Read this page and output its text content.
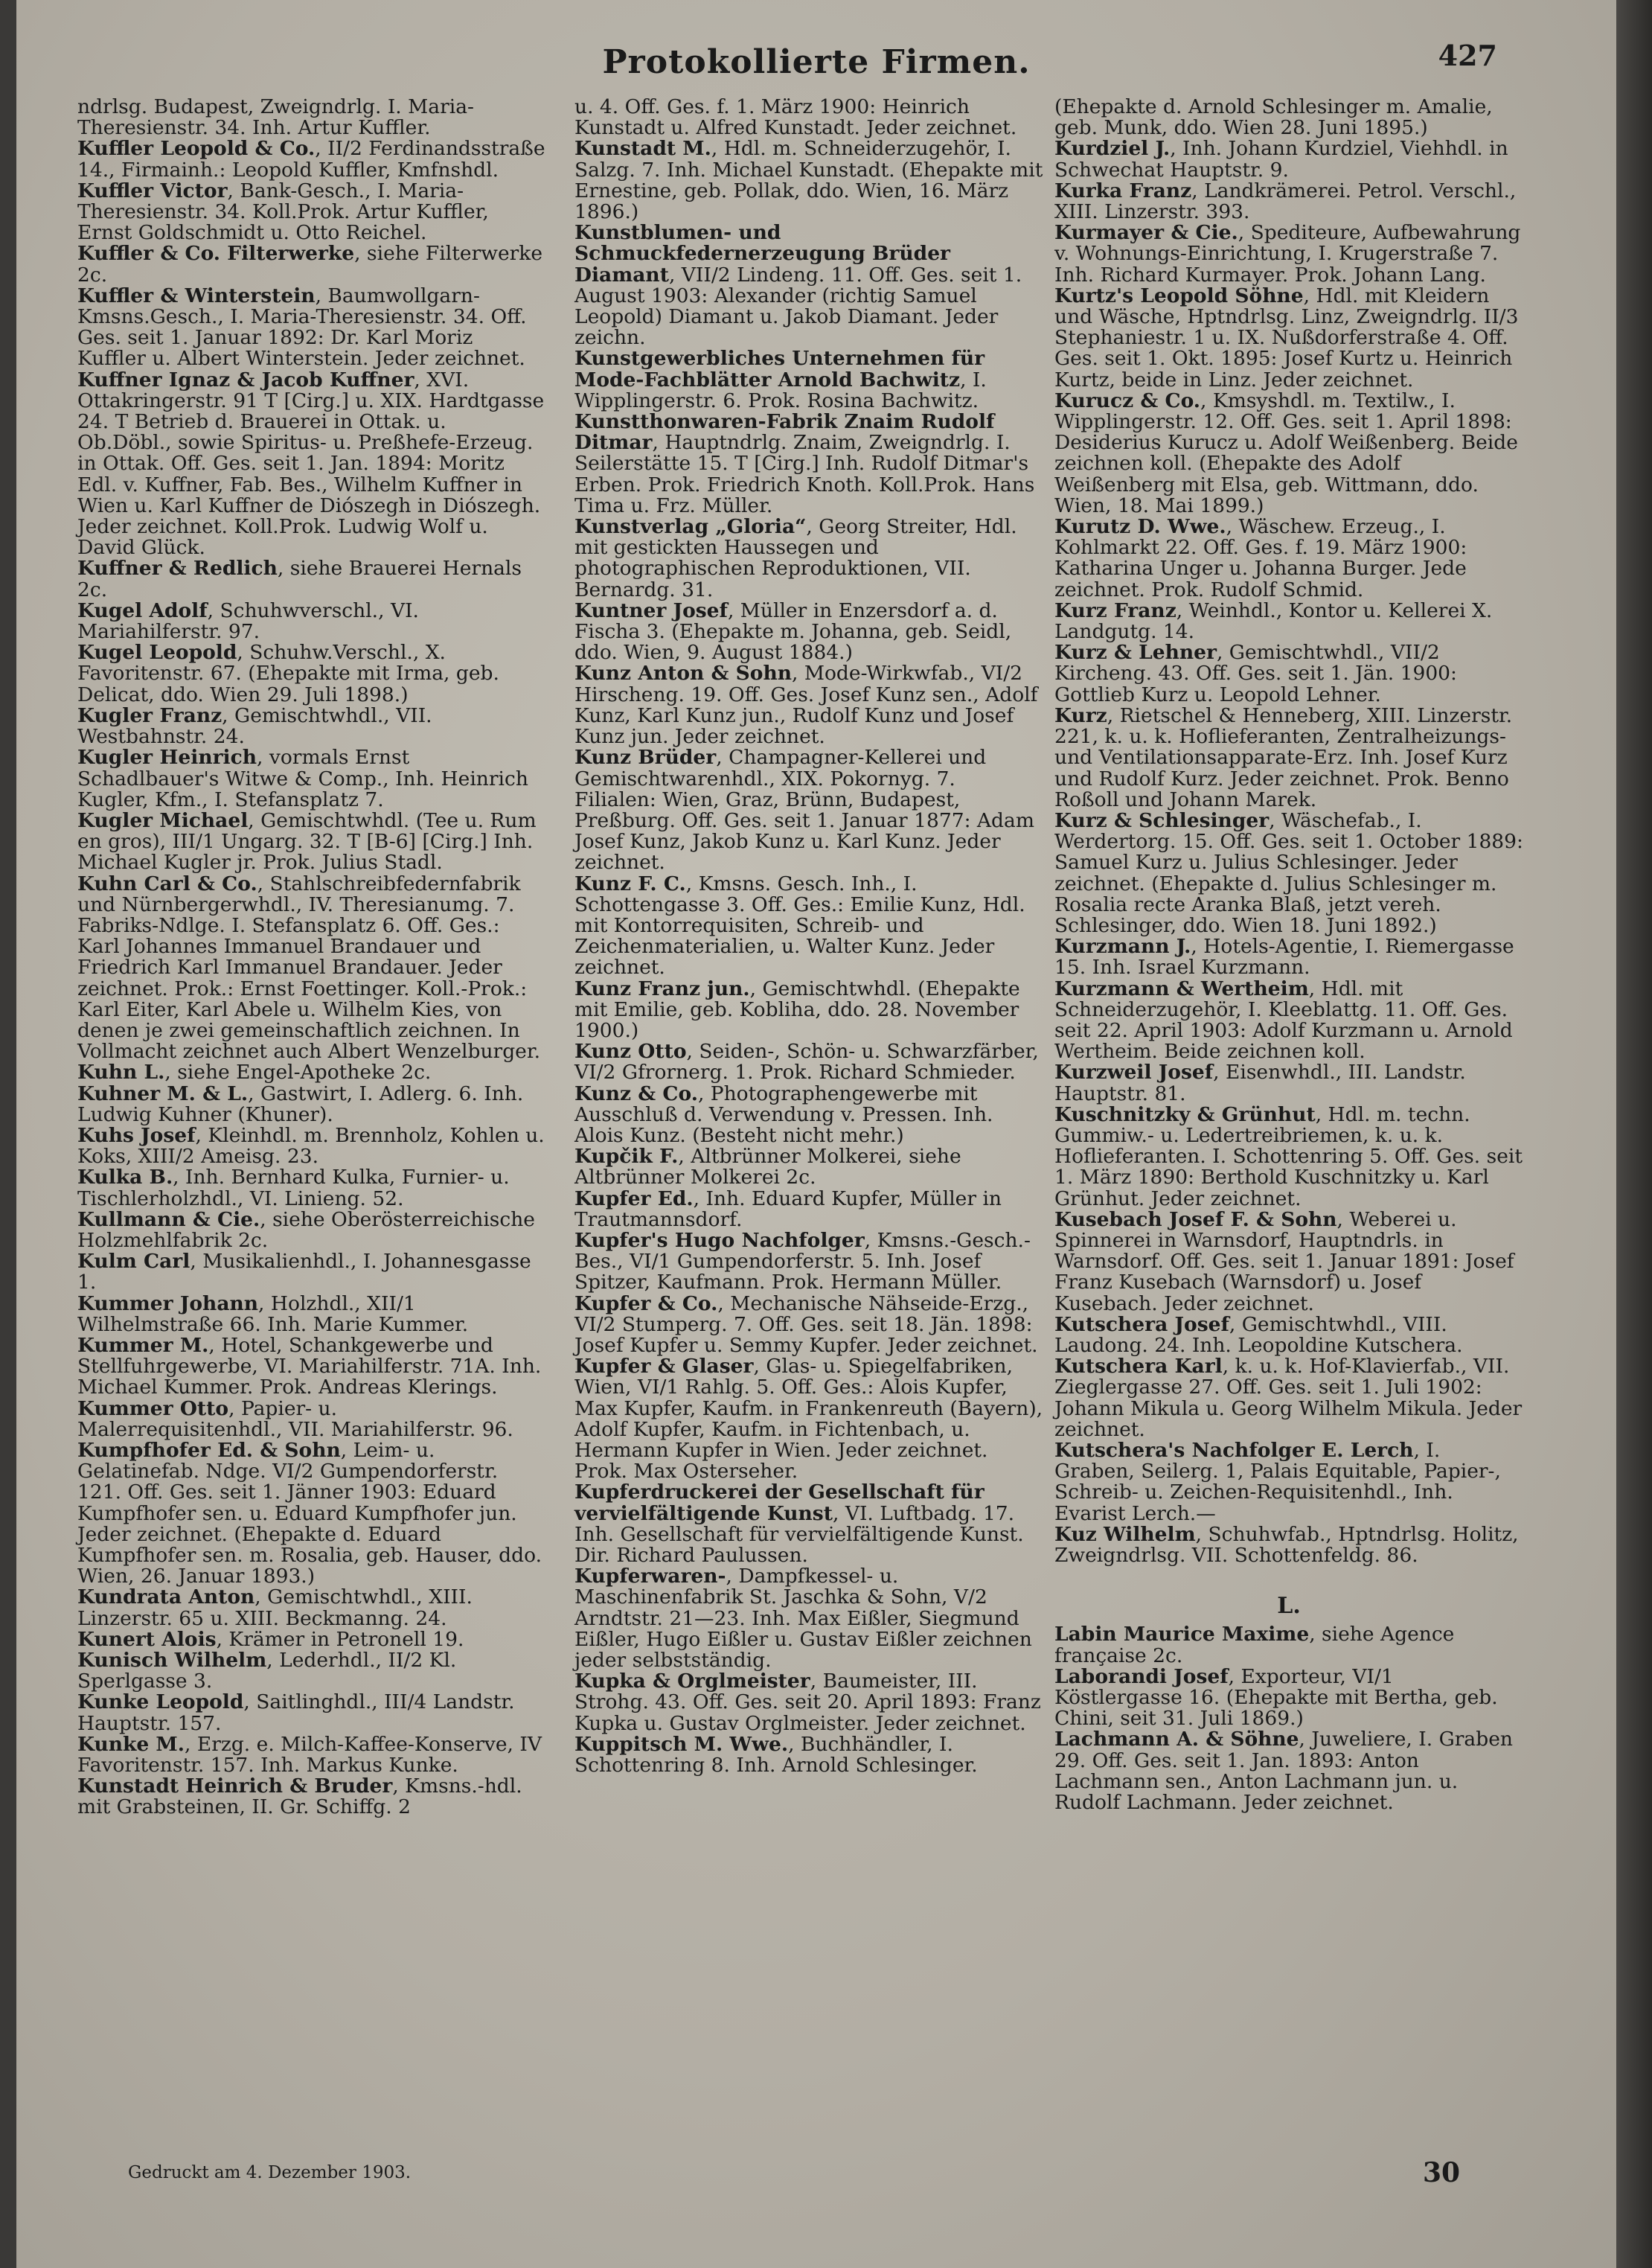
Protokollierte Firmen.	427

ndrlsg. Budapest, Zweigndrlg. I. Maria-Theresienstr. 34. Inh. Artur Kuffler.

Kuffler Leopold & Co., II/2 Ferdinandsstraße 14., Firmainh.: Leopold Kuffler, Kmfnshdl.

Kuffler Victor, Bank-Gesch., I. Maria-Theresienstr. 34. Koll.Prok. Artur Kuffler, Ernst Goldschmidt u. Otto Reichel.

Kuffler & Co. Filterwerke, siehe Filterwerke 2c.

Kuffler & Winterstein, Baumwollgarn-Kmsns.Gesch., I. Maria-Theresienstr. 34. Off. Ges. seit 1. Januar 1892: Dr. Karl Moriz Kuffler u. Albert Winterstein. Jeder zeichnet.

Kuffner Ignaz & Jacob Kuffner, XVI. Ottakringerstr. 91 T [Cirg.] u. XIX. Hardtgasse 24. T Betrieb d. Brauerei in Ottak. u. Ob.Döbl., sowie Spiritus- u. Preßhefe-Erzeug. in Ottak. Off. Ges. seit 1. Jan. 1894: Moritz Edl. v. Kuffner, Fab. Bes., Wilhelm Kuffner in Wien u. Karl Kuffner de Diószegh in Diószegh. Jeder zeichnet. Koll.Prok. Ludwig Wolf u. David Glück.

Kuffner & Redlich, siehe Brauerei Hernals 2c.

Kugel Adolf, Schuhwverschl., VI. Mariahilferstr. 97.

Kugel Leopold, Schuhw.Verschl., X. Favoritenstr. 67. (Ehepakte mit Irma, geb. Delicat, ddo. Wien 29. Juli 1898.)

Kugler Franz, Gemischtwhdl., VII. Westbahnstr. 24.

Kugler Heinrich, vormals Ernst Schadlbauer's Witwe & Comp., Inh. Heinrich Kugler, Kfm., I. Stefansplatz 7.

Kugler Michael, Gemischtwhdl. (Tee u. Rum en gros), III/1 Ungarg. 32. T [B-6] [Cirg.] Inh. Michael Kugler jr. Prok. Julius Stadl.

Kuhn Carl & Co., Stahlschreibfedernfabrik und Nürnbergerwhdl., IV. Theresianumg. 7. Fabriks-Ndlge. I. Stefansplatz 6. Off. Ges.: Karl Johannes Immanuel Brandauer und Friedrich Karl Immanuel Brandauer. Jeder zeichnet. Prok.: Ernst Foettinger. Koll.-Prok.: Karl Eiter, Karl Abele u. Wilhelm Kies, von denen je zwei gemeinschaftlich zeichnen. In Vollmacht zeichnet auch Albert Wenzelburger.

Kuhn L., siehe Engel-Apotheke 2c.

Kuhner M. & L., Gastwirt, I. Adlerg. 6. Inh. Ludwig Kuhner (Khuner).

Kuhs Josef, Kleinhdl. m. Brennholz, Kohlen u. Koks, XIII/2 Ameisg. 23.

Kulka B., Inh. Bernhard Kulka, Furnier- u. Tischlerholzhdl., VI. Linieng. 52.

Kullmann & Cie., siehe Oberösterreichische Holzmehlfabrik 2c.

Kulm Carl, Musikalienhdl., I. Johannesgasse 1.

Kummer Johann, Holzhdl., XII/1 Wilhelmstraße 66. Inh. Marie Kummer.

Kummer M., Hotel, Schankgewerbe und Stellfuhrgewerbe, VI. Mariahilferstr. 71A. Inh. Michael Kummer. Prok. Andreas Klerings.

Kummer Otto, Papier- u. Malerrequisitenhdl., VII. Mariahilferstr. 96.

Kumpfhofer Ed. & Sohn, Leim- u. Gelatinefab. Ndge. VI/2 Gumpendorferstr. 121. Off. Ges. seit 1. Jänner 1903: Eduard Kumpfhofer sen. u. Eduard Kumpfhofer jun. Jeder zeichnet. (Ehepakte d. Eduard Kumpfhofer sen. m. Rosalia, geb. Hauser, ddo. Wien, 26. Januar 1893.)

Kundrata Anton, Gemischtwhdl., XIII. Linzerstr. 65 u. XIII. Beckmanng. 24.

Kunert Alois, Krämer in Petronell 19.

Kunisch Wilhelm, Lederhdl., II/2 Kl. Sperlgasse 3.

Kunke Leopold, Saitlinghdl., III/4 Landstr. Hauptstr. 157.

Kunke M., Erzg. e. Milch-Kaffee-Konserve, IV Favoritenstr. 157. Inh. Markus Kunke.

Kunstadt Heinrich & Bruder, Kmsns.-hdl. mit Grabsteinen, II. Gr. Schiffg. 2

u. 4. Off. Ges. f. 1. März 1900: Heinrich Kunstadt u. Alfred Kunstadt. Jeder zeichnet.

Kunstadt M., Hdl. m. Schneiderzugehör, I. Salzg. 7. Inh. Michael Kunstadt. (Ehepakte mit Ernestine, geb. Pollak, ddo. Wien, 16. März 1896.)

Kunstblumen- und Schmuckfedernerzeugung Brüder Diamant, VII/2 Lindeng. 11. Off. Ges. seit 1. August 1903: Alexander (richtig Samuel Leopold) Diamant u. Jakob Diamant. Jeder zeichn.

Kunstgewerbliches Unternehmen für Mode-Fachblätter Arnold Bachwitz, I. Wipplingerstr. 6. Prok. Rosina Bachwitz.

Kunstthonwaren-Fabrik Znaim Rudolf Ditmar, Hauptndrlg. Znaim, Zweigndrlg. I. Seilerstätte 15. T [Cirg.] Inh. Rudolf Ditmar's Erben. Prok. Friedrich Knoth. Koll.Prok. Hans Tima u. Frz. Müller.

Kunstverlag „Gloria“, Georg Streiter, Hdl. mit gestickten Haussegen und photographischen Reproduktionen, VII. Bernardg. 31.

Kuntner Josef, Müller in Enzersdorf a. d. Fischa 3. (Ehepakte m. Johanna, geb. Seidl, ddo. Wien, 9. August 1884.)

Kunz Anton & Sohn, Mode-Wirkwfab., VI/2 Hirscheng. 19. Off. Ges. Josef Kunz sen., Adolf Kunz, Karl Kunz jun., Rudolf Kunz und Josef Kunz jun. Jeder zeichnet.

Kunz Brüder, Champagner-Kellerei und Gemischtwarenhdl., XIX. Pokornyg. 7. Filialen: Wien, Graz, Brünn, Budapest, Preßburg. Off. Ges. seit 1. Januar 1877: Adam Josef Kunz, Jakob Kunz u. Karl Kunz. Jeder zeichnet.

Kunz F. C., Kmsns. Gesch. Inh., I. Schottengasse 3. Off. Ges.: Emilie Kunz, Hdl. mit Kontorrequisiten, Schreib- und Zeichenmaterialien, u. Walter Kunz. Jeder zeichnet.

Kunz Franz jun., Gemischtwhdl. (Ehepakte mit Emilie, geb. Kobliha, ddo. 28. November 1900.)

Kunz Otto, Seiden-, Schön- u. Schwarzfärber, VI/2 Gfrornerg. 1. Prok. Richard Schmieder.

Kunz & Co., Photographengewerbe mit Ausschluß d. Verwendung v. Pressen. Inh. Alois Kunz. (Besteht nicht mehr.)

Kupčik F., Altbrünner Molkerei, siehe Altbrünner Molkerei 2c.

Kupfer Ed., Inh. Eduard Kupfer, Müller in Trautmannsdorf.

Kupfer's Hugo Nachfolger, Kmsns.-Gesch.-Bes., VI/1 Gumpendorferstr. 5. Inh. Josef Spitzer, Kaufmann. Prok. Hermann Müller.

Kupfer & Co., Mechanische Nähseide-Erzg., VI/2 Stumperg. 7. Off. Ges. seit 18. Jän. 1898: Josef Kupfer u. Semmy Kupfer. Jeder zeichnet.

Kupfer & Glaser, Glas- u. Spiegelfabriken, Wien, VI/1 Rahlg. 5. Off. Ges.: Alois Kupfer, Max Kupfer, Kaufm. in Frankenreuth (Bayern), Adolf Kupfer, Kaufm. in Fichtenbach, u. Hermann Kupfer in Wien. Jeder zeichnet. Prok. Max Osterseher.

Kupferdruckerei der Gesellschaft für vervielfältigende Kunst, VI. Luftbadg. 17. Inh. Gesellschaft für vervielfältigende Kunst. Dir. Richard Paulussen.

Kupferwaren-, Dampfkessel- u. Maschinenfabrik St. Jaschka & Sohn, V/2 Arndtstr. 21—23. Inh. Max Eißler, Siegmund Eißler, Hugo Eißler u. Gustav Eißler zeichnen jeder selbstständig.

Kupka & Orglmeister, Baumeister, III. Strohg. 43. Off. Ges. seit 20. April 1893: Franz Kupka u. Gustav Orglmeister. Jeder zeichnet.

Kuppitsch M. Wwe., Buchhändler, I. Schottenring 8. Inh. Arnold Schlesinger.

(Ehepakte d. Arnold Schlesinger m. Amalie, geb. Munk, ddo. Wien 28. Juni 1895.)

Kurdziel J., Inh. Johann Kurdziel, Viehhdl. in Schwechat Hauptstr. 9.

Kurka Franz, Landkrämerei. Petrol. Verschl., XIII. Linzerstr. 393.

Kurmayer & Cie., Spediteure, Aufbewahrung v. Wohnungs-Einrichtung, I. Krugerstraße 7. Inh. Richard Kurmayer. Prok. Johann Lang.

Kurtz's Leopold Söhne, Hdl. mit Kleidern und Wäsche, Hptndrlsg. Linz, Zweigndrlg. II/3 Stephaniestr. 1 u. IX. Nußdorferstraße 4. Off. Ges. seit 1. Okt. 1895: Josef Kurtz u. Heinrich Kurtz, beide in Linz. Jeder zeichnet.

Kurucz & Co., Kmsyshdl. m. Textilw., I. Wipplingerstr. 12. Off. Ges. seit 1. April 1898: Desiderius Kurucz u. Adolf Weißenberg. Beide zeichnen koll. (Ehepakte des Adolf Weißenberg mit Elsa, geb. Wittmann, ddo. Wien, 18. Mai 1899.)

Kurutz D. Wwe., Wäschew. Erzeug., I. Kohlmarkt 22. Off. Ges. f. 19. März 1900: Katharina Unger u. Johanna Burger. Jede zeichnet. Prok. Rudolf Schmid.

Kurz Franz, Weinhdl., Kontor u. Kellerei X. Landgutg. 14.

Kurz & Lehner, Gemischtwhdl., VII/2 Kircheng. 43. Off. Ges. seit 1. Jän. 1900: Gottlieb Kurz u. Leopold Lehner.

Kurz, Rietschel & Henneberg, XIII. Linzerstr. 221, k. u. k. Hoflieferanten, Zentralheizungs- und Ventilationsapparate-Erz. Inh. Josef Kurz und Rudolf Kurz. Jeder zeichnet. Prok. Benno Roßoll und Johann Marek.

Kurz & Schlesinger, Wäschefab., I. Werdertorg. 15. Off. Ges. seit 1. October 1889: Samuel Kurz u. Julius Schlesinger. Jeder zeichnet. (Ehepakte d. Julius Schlesinger m. Rosalia recte Aranka Blaß, jetzt vereh. Schlesinger, ddo. Wien 18. Juni 1892.)

Kurzmann J., Hotels-Agentie, I. Riemergasse 15. Inh. Israel Kurzmann.

Kurzmann & Wertheim, Hdl. mit Schneiderzugehör, I. Kleeblattg. 11. Off. Ges. seit 22. April 1903: Adolf Kurzmann u. Arnold Wertheim. Beide zeichnen koll.

Kurzweil Josef, Eisenwhdl., III. Landstr. Hauptstr. 81.

Kuschnitzky & Grünhut, Hdl. m. techn. Gummiw.- u. Ledertreibriemen, k. u. k. Hoflieferanten. I. Schottenring 5. Off. Ges. seit 1. März 1890: Berthold Kuschnitzky u. Karl Grünhut. Jeder zeichnet.

Kusebach Josef F. & Sohn, Weberei u. Spinnerei in Warnsdorf, Hauptndrls. in Warnsdorf. Off. Ges. seit 1. Januar 1891: Josef Franz Kusebach (Warnsdorf) u. Josef Kusebach. Jeder zeichnet.

Kutschera Josef, Gemischtwhdl., VIII. Laudong. 24. Inh. Leopoldine Kutschera.

Kutschera Karl, k. u. k. Hof-Klavierfab., VII. Zieglergasse 27. Off. Ges. seit 1. Juli 1902: Johann Mikula u. Georg Wilhelm Mikula. Jeder zeichnet.

Kutschera's Nachfolger E. Lerch, I. Graben, Seilerg. 1, Palais Equitable, Papier-, Schreib- u. Zeichen-Requisitenhdl., Inh. Evarist Lerch.—

Kuz Wilhelm, Schuhwfab., Hptndrlsg. Holitz, Zweigndrlsg. VII. Schottenfeldg. 86.

L.

Labin Maurice Maxime, siehe Agence française 2c.

Laborandi Josef, Exporteur, VI/1 Köstlergasse 16. (Ehepakte mit Bertha, geb. Chini, seit 31. Juli 1869.)

Lachmann A. & Söhne, Juweliere, I. Graben 29. Off. Ges. seit 1. Jan. 1893: Anton Lachmann sen., Anton Lachmann jun. u. Rudolf Lachmann. Jeder zeichnet.

Gedruckt am 4. Dezember 1903.	30
